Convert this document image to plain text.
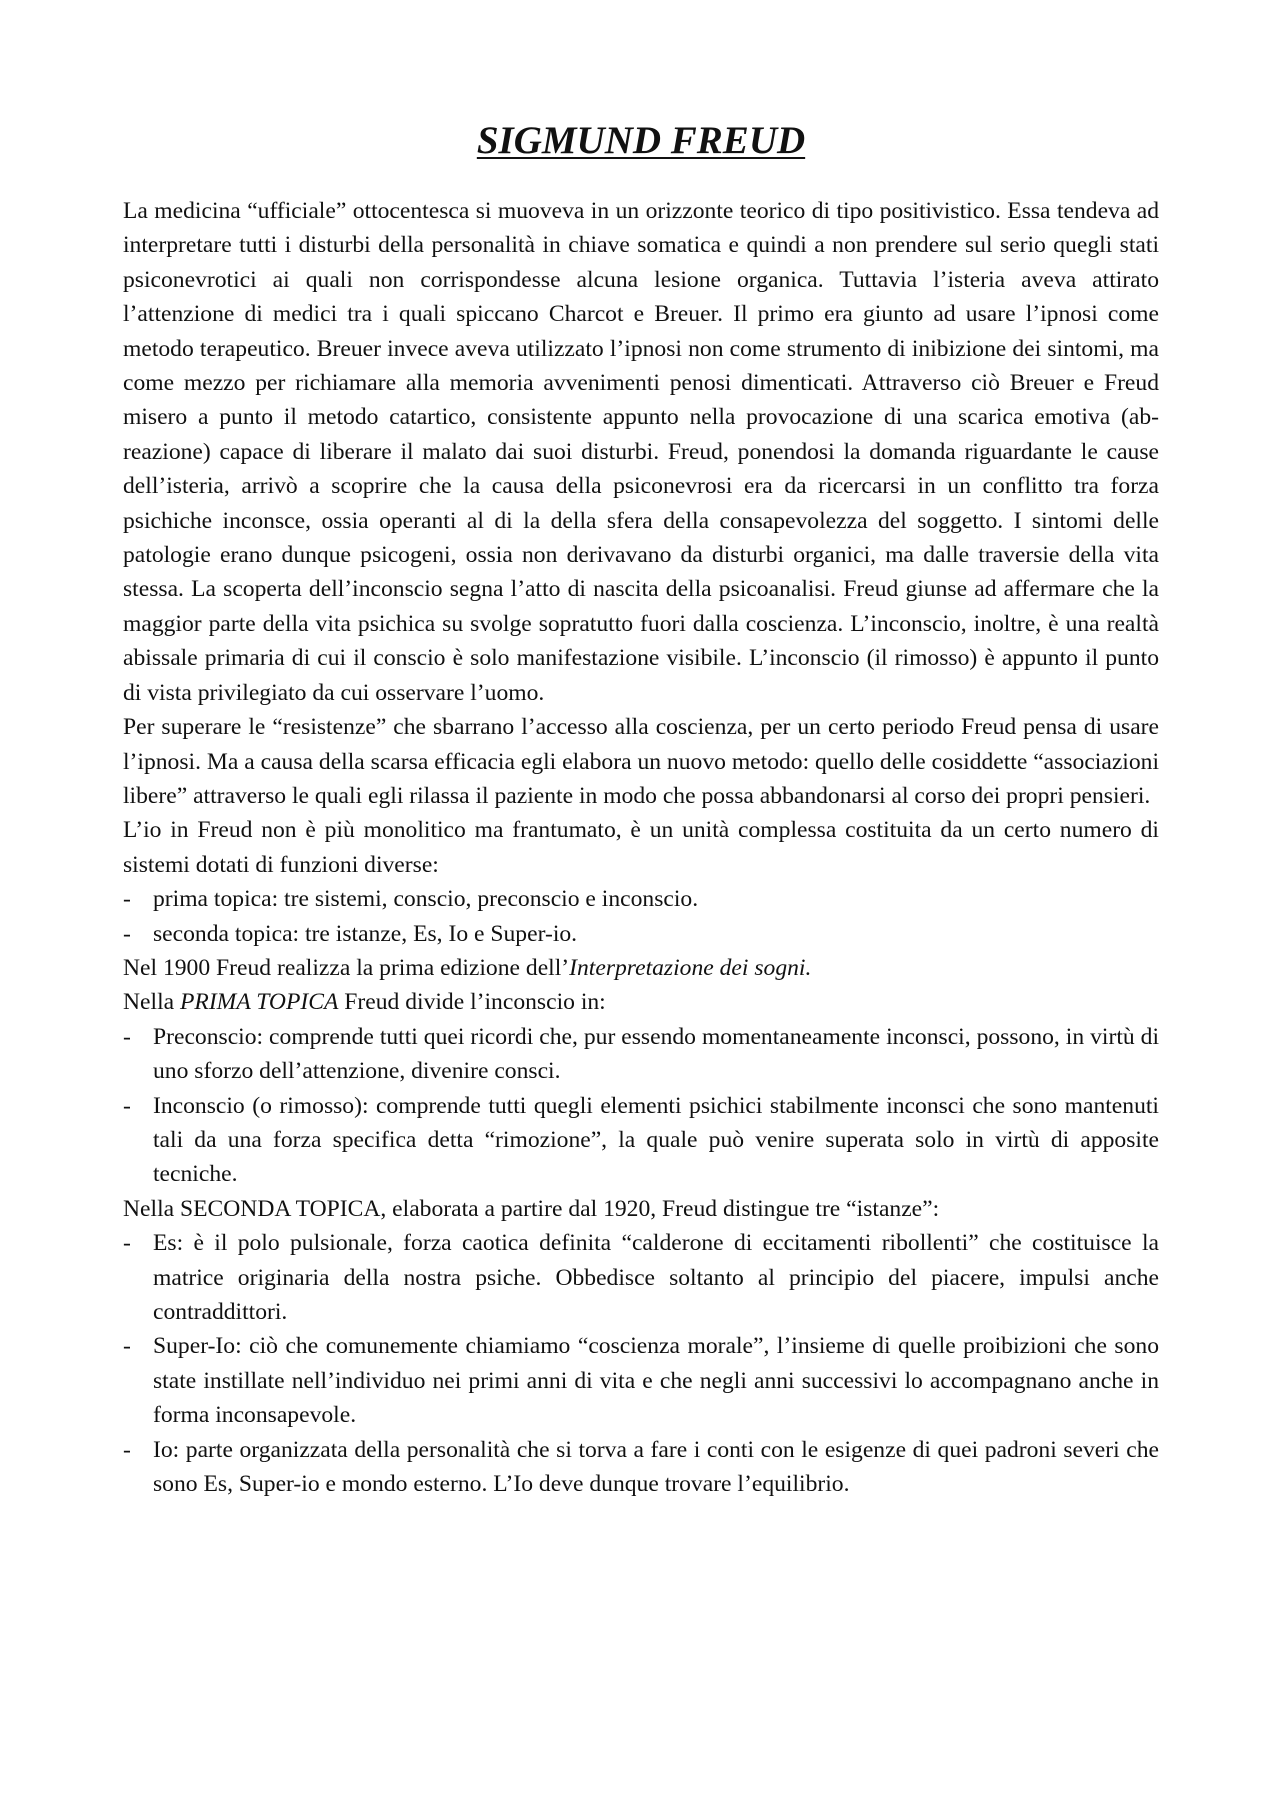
SIGMUND FREUD

La medicina “ufficiale” ottocentesca si muoveva in un orizzonte teorico di tipo positivistico. Essa tendeva ad interpretare tutti i disturbi della personalità in chiave somatica e quindi a non prendere sul serio quegli stati psiconevrotici ai quali non corrispondesse alcuna lesione organica. Tuttavia l’isteria aveva attirato l’attenzione di medici tra i quali spiccano Charcot e Breuer. Il primo era giunto ad usare l’ipnosi come metodo terapeutico. Breuer invece aveva utilizzato l’ipnosi non come strumento di inibizione dei sintomi, ma come mezzo per richiamare alla memoria avvenimenti penosi dimenticati. Attraverso ciò Breuer e Freud misero a punto il metodo catartico, consistente appunto nella provocazione di una scarica emotiva (ab-reazione) capace di liberare il malato dai suoi disturbi. Freud, ponendosi la domanda riguardante le cause dell’isteria, arrivò a scoprire che la causa della psiconevrosi era da ricercarsi in un conflitto tra forza psichiche inconsce, ossia operanti al di la della sfera della consapevolezza del soggetto. I sintomi delle patologie erano dunque psicogeni, ossia non derivavano da disturbi organici, ma dalle traversie della vita stessa. La scoperta dell’inconscio segna l’atto di nascita della psicoanalisi. Freud giunse ad affermare che la maggior parte della vita psichica su svolge sopratutto fuori dalla coscienza. L’inconscio, inoltre, è una realtà abissale primaria di cui il conscio è solo manifestazione visibile. L’inconscio (il rimosso) è appunto il punto di vista privilegiato da cui osservare l’uomo.

Per superare le “resistenze” che sbarrano l’accesso alla coscienza, per un certo periodo Freud pensa di usare l’ipnosi. Ma a causa della scarsa efficacia egli elabora un nuovo metodo: quello delle cosiddette “associazioni libere” attraverso le quali egli rilassa il paziente in modo che possa abbandonarsi al corso dei propri pensieri.

L’io in Freud non è più monolitico ma frantumato, è un unità complessa costituita da un certo numero di sistemi dotati di funzioni diverse:

- prima topica: tre sistemi, conscio, preconscio e inconscio.
- seconda topica: tre istanze, Es, Io e Super-io.

Nel 1900 Freud realizza la prima edizione dell’Interpretazione dei sogni.

Nella PRIMA TOPICA Freud divide l’inconscio in:

- Preconscio: comprende tutti quei ricordi che, pur essendo momentaneamente inconsci, possono, in virtù di uno sforzo dell’attenzione, divenire consci.
- Inconscio (o rimosso): comprende tutti quegli elementi psichici stabilmente inconsci che sono mantenuti tali da una forza specifica detta “rimozione”, la quale può venire superata solo in virtù di apposite tecniche.

Nella SECONDA TOPICA, elaborata a partire dal 1920, Freud distingue tre “istanze”:

- Es: è il polo pulsionale, forza caotica definita “calderone di eccitamenti ribollenti” che costituisce la matrice originaria della nostra psiche. Obbedisce soltanto al principio del piacere, impulsi anche contraddittori.
- Super-Io: ciò che comunemente chiamiamo “coscienza morale”, l’insieme di quelle proibizioni che sono state instillate nell’individuo nei primi anni di vita e che negli anni successivi lo accompagnano anche in forma inconsapevole.
- Io: parte organizzata della personalità che si torva a fare i conti con le esigenze di quei padroni severi che sono Es, Super-io e mondo esterno. L’Io deve dunque trovare l’equilibrio.
